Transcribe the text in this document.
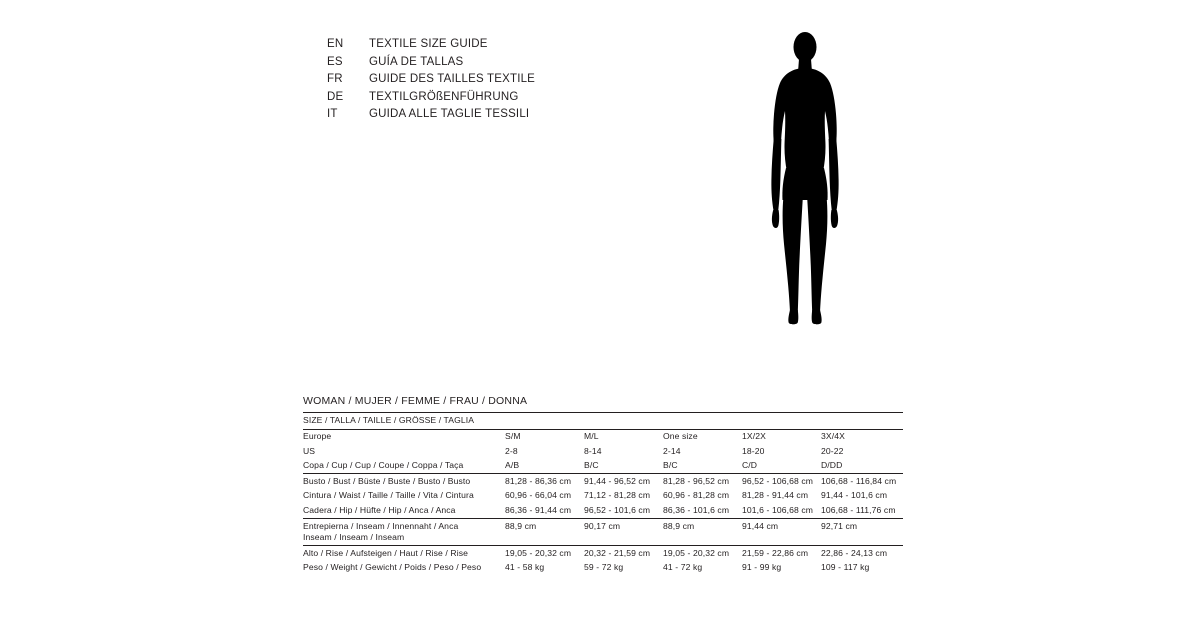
EN	TEXTILE SIZE GUIDE
ES	GUÍA DE TALLAS
FR	GUIDE DES TAILLES TEXTILE
DE	TEXTILGRÖßENFÜHRUNG
IT	GUIDA ALLE TAGLIE TESSILI
WOMAN / MUJER / FEMME / FRAU / DONNA
SIZE / TALLA / TAILLE / GRÖSSE / TAGLIA					
Europe	S/M	M/L	One size	1X/2X	3X/4X
US	2-8	8-14	2-14	18-20	20-22
Copa / Cup / Cup / Coupe / Coppa / Taça	A/B	B/C	B/C	C/D	D/DD
Busto / Bust / Büste / Buste / Busto / Busto	81,28 - 86,36 cm	91,44 - 96,52 cm	81,28 - 96,52 cm	96,52 - 106,68 cm	106,68 - 116,84 cm
Cintura / Waist / Taille / Taille / Vita / Cintura	60,96 - 66,04 cm	71,12 - 81,28 cm	60,96 - 81,28 cm	81,28 - 91,44 cm	91,44 - 101,6 cm
Cadera / Hip / Hüfte / Hip / Anca / Anca	86,36 - 91,44 cm	96,52 - 101,6 cm	86,36 - 101,6 cm	101,6 - 106,68 cm	106,68 - 111,76 cm

Entrepierna / Inseam / Innennaht / Anca
Inseam / Inseam / Inseam	88,9 cm	90,17 cm	88,9 cm	91,44 cm	92,71 cm
Alto / Rise / Aufsteigen / Haut / Rise / Rise	19,05 - 20,32 cm	20,32 - 21,59 cm	19,05 - 20,32 cm	21,59 - 22,86 cm	22,86 - 24,13 cm
Peso / Weight / Gewicht / Poids / Peso / Peso	41 - 58 kg	59 - 72 kg	41 - 72 kg	91 - 99 kg	109 - 117 kg
